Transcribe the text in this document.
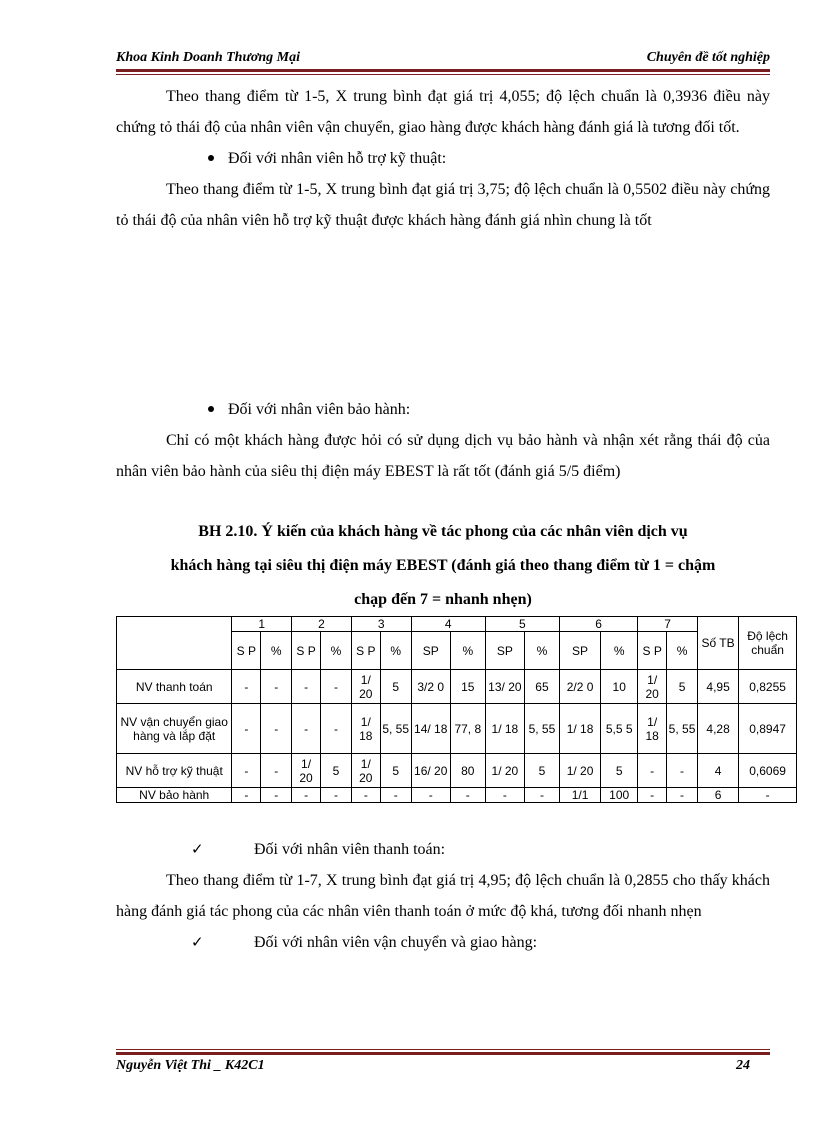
Khoa Kinh Doanh Thương Mại	Chuyên đề tốt nghiệp

Theo thang điểm từ 1-5, X trung bình đạt giá trị 4,055; độ lệch chuẩn là 0,3936 điều này chứng tỏ thái độ của nhân viên vận chuyển, giao hàng được khách hàng đánh giá là tương đối tốt.

Đối với nhân viên hỗ trợ kỹ thuật:

Theo thang điểm từ 1-5, X trung bình đạt giá trị 3,75; độ lệch chuẩn là 0,5502 điều này chứng tỏ thái độ của nhân viên hỗ trợ kỹ thuật được khách hàng đánh giá nhìn chung là tốt

Đối với nhân viên bảo hành:

Chỉ có một khách hàng được hỏi có sử dụng dịch vụ bảo hành và nhận xét rằng thái độ của nhân viên bảo hành của siêu thị điện máy EBEST là rất tốt (đánh giá 5/5 điểm)

BH 2.10. Ý kiến của khách hàng về tác phong của các nhân viên dịch vụ
khách hàng tại siêu thị điện máy EBEST (đánh giá theo thang điểm từ 1 = chậm
chạp đến 7 = nhanh nhẹn)
	1		2		3		4		5		6		7		Số TB	Độ lệch chuẩn
	S P	%	S P	%	S P	%	SP	%	SP	%	SP	%	S P	%		
NV thanh toán	-	-	-	-	1/ 20	5	3/2 0	15	13/ 20	65	2/2 0	10	1/ 20	5	4,95	0,8255
NV vận chuyển giao hàng và lắp đặt	-	-	-	-	1/ 18	5, 55	14/ 18	77, 8	1/ 18	5, 55	1/ 18	5,5 5	1/ 18	5, 55	4,28	0,8947
NV hỗ trợ kỹ thuật	-	-	1/ 20	5	1/ 20	5	16/ 20	80	1/ 20	5	1/ 20	5	-	-	4	0,6069
NV bảo hành	-	-	-	-	-	-	-	-	-	-	1/1	100	-	-	6	-

✓	Đối với nhân viên thanh toán:

Theo thang điểm từ 1-7, X trung bình đạt giá trị 4,95; độ lệch chuẩn là 0,2855 cho thấy khách hàng đánh giá tác phong của các nhân viên thanh toán ở mức độ khá, tương đối nhanh nhẹn

✓	Đối với nhân viên vận chuyển và giao hàng:

Nguyễn Việt Thi _ K42C1	24
